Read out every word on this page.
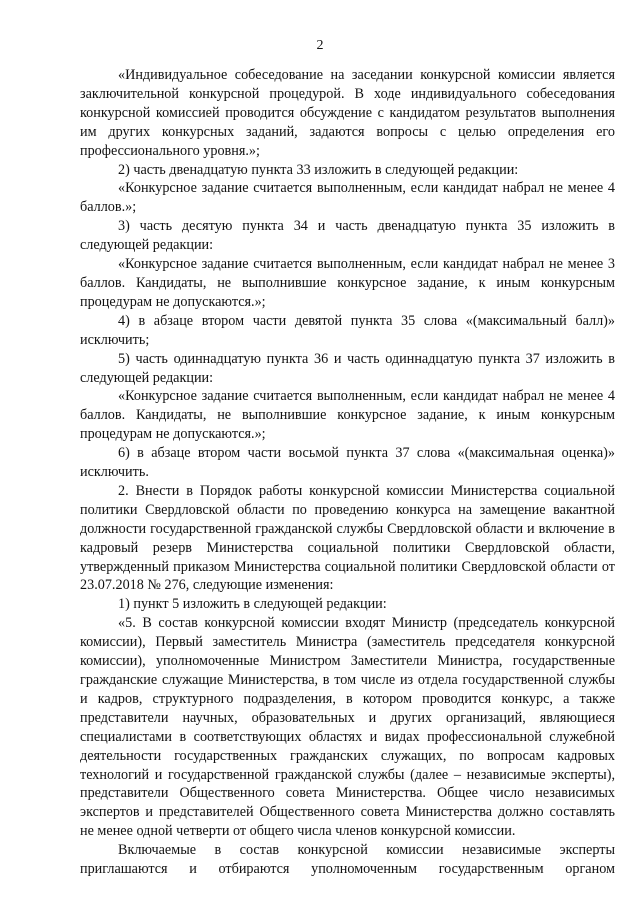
2

«Индивидуальное собеседование на заседании конкурсной комиссии является заключительной конкурсной процедурой. В ходе индивидуального собеседования конкурсной комиссией проводится обсуждение с кандидатом результатов выполнения им других конкурсных заданий, задаются вопросы с целью определения его профессионального уровня.»;

2) часть двенадцатую пункта 33 изложить в следующей редакции:

«Конкурсное задание считается выполненным, если кандидат набрал не менее 4 баллов.»;

3) часть десятую пункта 34 и часть двенадцатую пункта 35 изложить в следующей редакции:

«Конкурсное задание считается выполненным, если кандидат набрал не менее 3 баллов. Кандидаты, не выполнившие конкурсное задание, к иным конкурсным процедурам не допускаются.»;

4) в абзаце втором части девятой пункта 35 слова «(максимальный балл)» исключить;

5) часть одиннадцатую пункта 36 и часть одиннадцатую пункта 37 изложить в следующей редакции:

«Конкурсное задание считается выполненным, если кандидат набрал не менее 4 баллов. Кандидаты, не выполнившие конкурсное задание, к иным конкурсным процедурам не допускаются.»;

6) в абзаце втором части восьмой пункта 37 слова «(максимальная оценка)» исключить.

2. Внести в Порядок работы конкурсной комиссии Министерства социальной политики Свердловской области по проведению конкурса на замещение вакантной должности государственной гражданской службы Свердловской области и включение в кадровый резерв Министерства социальной политики Свердловской области, утвержденный приказом Министерства социальной политики Свердловской области от 23.07.2018 № 276, следующие изменения:

1) пункт 5 изложить в следующей редакции:

«5. В состав конкурсной комиссии входят Министр (председатель конкурсной комиссии), Первый заместитель Министра (заместитель председателя конкурсной комиссии), уполномоченные Министром Заместители Министра, государственные гражданские служащие Министерства, в том числе из отдела государственной службы и кадров, структурного подразделения, в котором проводится конкурс, а также представители научных, образовательных и других организаций, являющиеся специалистами в соответствующих областях и видах профессиональной служебной деятельности государственных гражданских служащих, по вопросам кадровых технологий и государственной гражданской службы (далее – независимые эксперты), представители Общественного совета Министерства. Общее число независимых экспертов и представителей Общественного совета Министерства должно составлять не менее одной четверти от общего числа членов конкурсной комиссии.

Включаемые в состав конкурсной комиссии независимые эксперты приглашаются и отбираются уполномоченным государственным органом
